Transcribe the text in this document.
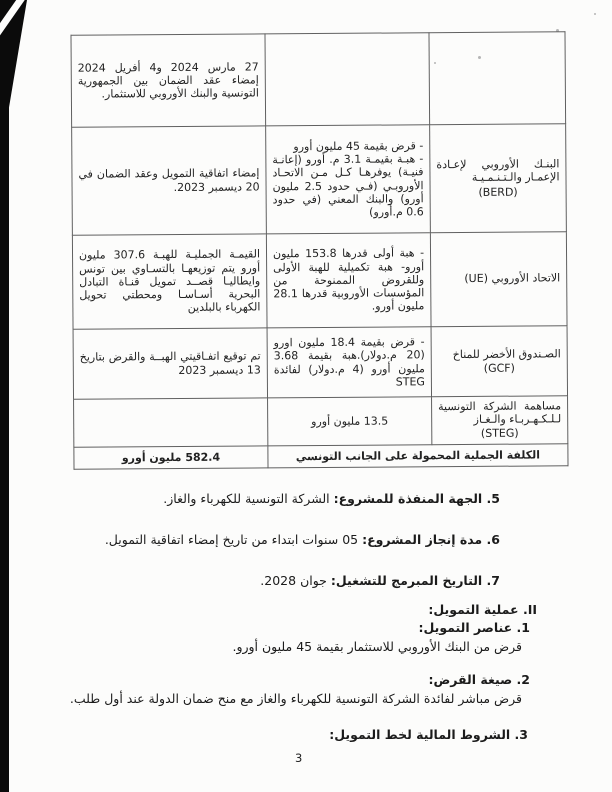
		27 مارس 2024 و4 أفريل 2024 إمضاء عقد الضمان بين الجمهورية التونسية والبنك الأوروبي للاستثمار.

البنـك الأوروبي لإعـادة الإعمـار والـتـنـمـيـة
(BERD)
	- قرض بقيمة 45 مليون أورو
- هبـة بقيمـة 3.1 م. أورو (إعانـة فنيـة) يوفرهـا كـل مـن الاتحـاد الأوروبـي (فـي حدود 2.5 مليون أورو) والبنك المعني (في حدود 0.6 م.أورو)	إمضاء اتفاقية التمويل وعقد الضمان في 20 ديسمبر 2023.

الاتحاد الأوروبي (UE)	- هبة أولى قدرها 153.8 مليون أورو- هبة تكميلية للهبة الأولى وللقروض الممنوحة من المؤسسات الأوروبية قدرها 28.1 مليون أورو.	القيمـة الجمليـة للهبـة 307.6 مليون أورو يتم توزيعهـا بالتسـاوي بين تونس وايطاليـا قصــد تمويل قنـاة التبادل البحرية أسـاسـا ومحطتي تحويل الكهرباء بالبلدين

الصـندوق الأخضر للمناخ
(GCF)	- قرض بقيمة 18.4 مليون اورو (20 م.دولار).هبة بقيمة 3.68 مليون أورو (4 م.دولار) لفائدة STEG	تم توقيع اتفـاقيتي الهبــة والقرض بتاريخ 13 ديسمبر 2023

مساهمة الشركة التونسية لـلـكـهـربـاء والـغـاز
(STEG)	13.5 مليون أورو	
الكلفة الجملية المحمولة على الجانب التونسي		582.4 مليون أورو
5. الجهة المنفذة للمشروع: الشركة التونسية للكهرباء والغاز.
6. مدة إنجاز المشروع: 05 سنوات ابتداء من تاريخ إمضاء اتفاقية التمويل.
7. التاريخ المبرمج للتشغيل: جوان 2028.
II. عملية التمويل:
1. عناصر التمويل:
قرض من البنك الأوروبي للاستثمار بقيمة 45 مليون أورو.
2. صيغة القرض:
قرض مباشر لفائدة الشركة التونسية للكهرباء والغاز مع منح ضمان الدولة عند أول طلب.
3. الشروط المالية لخط التمويل:
3
